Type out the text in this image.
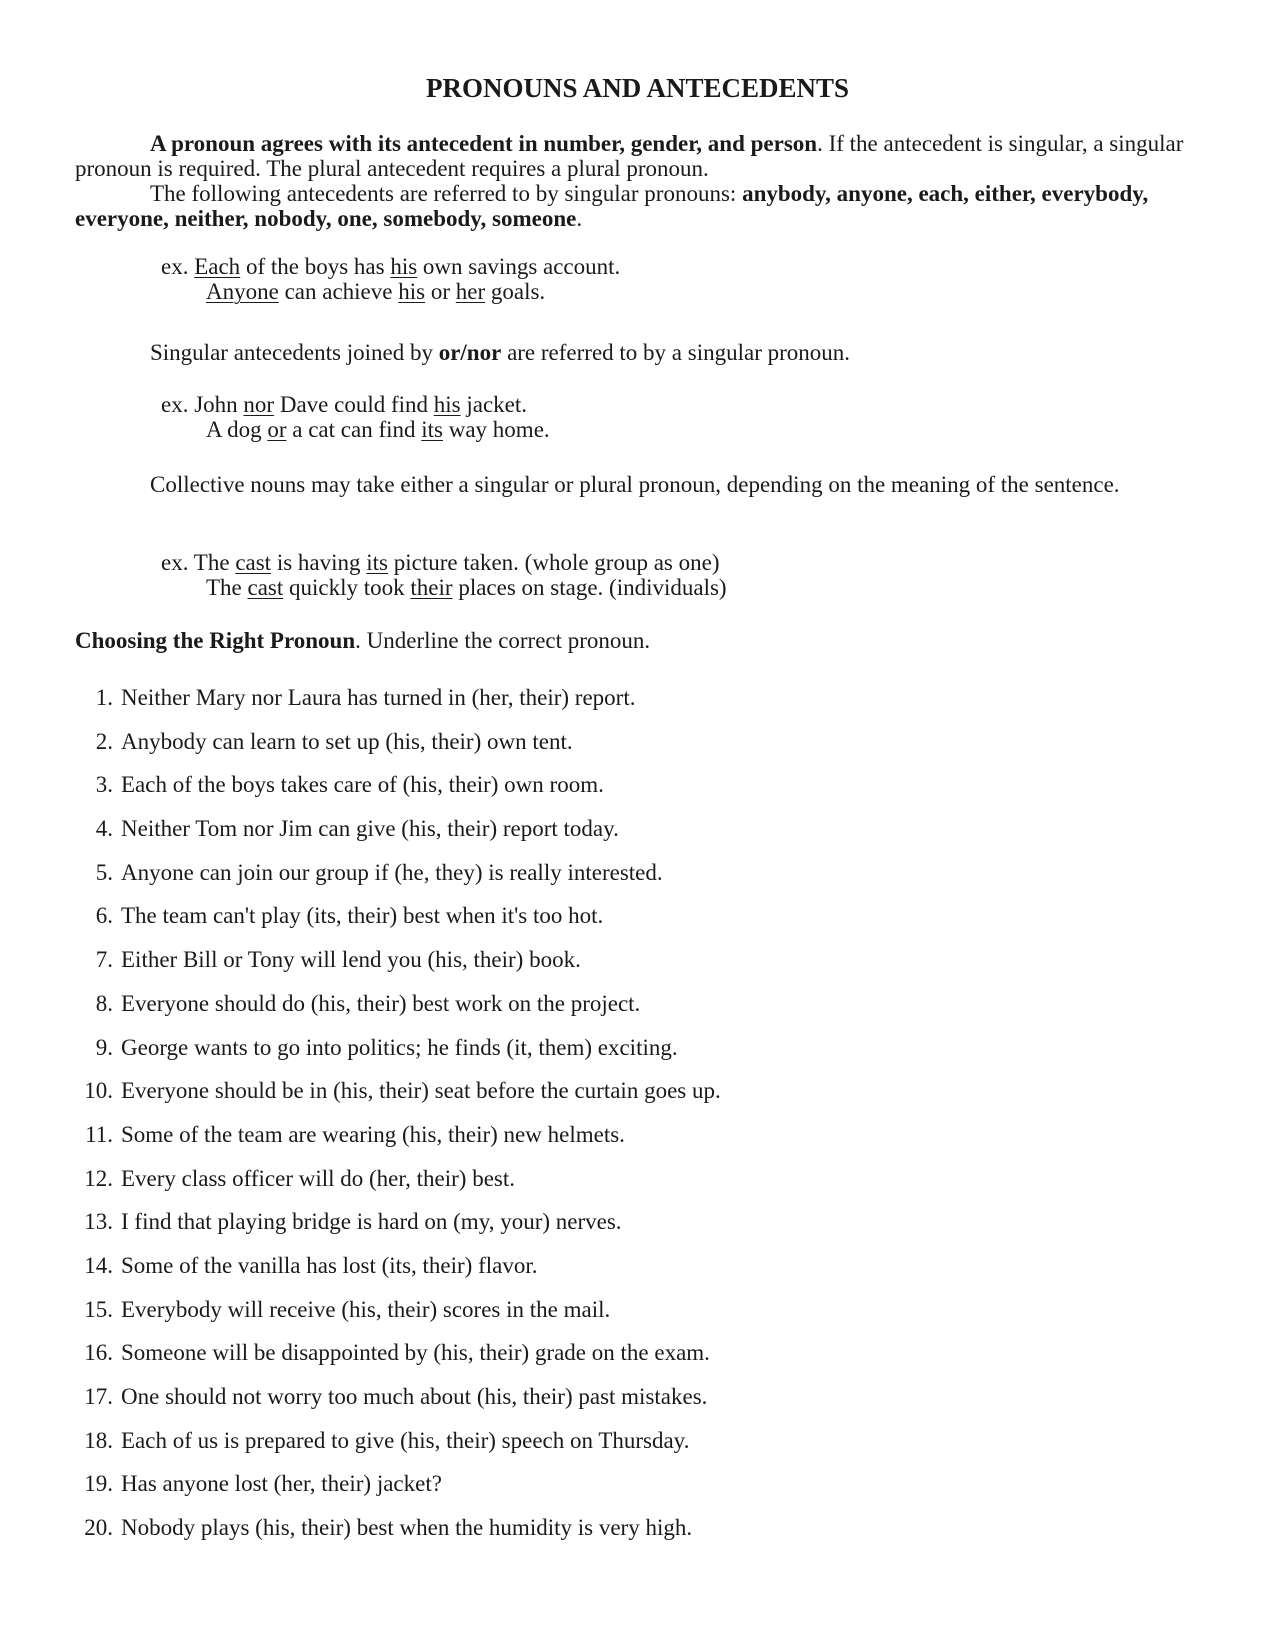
PRONOUNS AND ANTECEDENTS

A pronoun agrees with its antecedent in number, gender, and person. If the antecedent is singular, a singular pronoun is required. The plural antecedent requires a plural pronoun.

The following antecedents are referred to by singular pronouns: anybody, anyone, each, either, everybody, everyone, neither, nobody, one, somebody, someone.

ex. Each of the boys has his own savings account.
Anyone can achieve his or her goals.
Singular antecedents joined by or/nor are referred to by a singular pronoun.
ex. John nor Dave could find his jacket.
A dog or a cat can find its way home.

Collective nouns may take either a singular or plural pronoun, depending on the meaning of the sentence.

ex. The cast is having its picture taken. (whole group as one)
The cast quickly took their places on stage. (individuals)
Choosing the Right Pronoun. Underline the correct pronoun.
1. Neither Mary nor Laura has turned in (her, their) report.
2. Anybody can learn to set up (his, their) own tent.
3. Each of the boys takes care of (his, their) own room.
4. Neither Tom nor Jim can give (his, their) report today.
5. Anyone can join our group if (he, they) is really interested.
6. The team can't play (its, their) best when it's too hot.
7. Either Bill or Tony will lend you (his, their) book.
8. Everyone should do (his, their) best work on the project.
9. George wants to go into politics; he finds (it, them) exciting.
10. Everyone should be in (his, their) seat before the curtain goes up.
11. Some of the team are wearing (his, their) new helmets.
12. Every class officer will do (her, their) best.
13. I find that playing bridge is hard on (my, your) nerves.
14. Some of the vanilla has lost (its, their) flavor.
15. Everybody will receive (his, their) scores in the mail.
16. Someone will be disappointed by (his, their) grade on the exam.
17. One should not worry too much about (his, their) past mistakes.
18. Each of us is prepared to give (his, their) speech on Thursday.
19. Has anyone lost (her, their) jacket?
20. Nobody plays (his, their) best when the humidity is very high.
